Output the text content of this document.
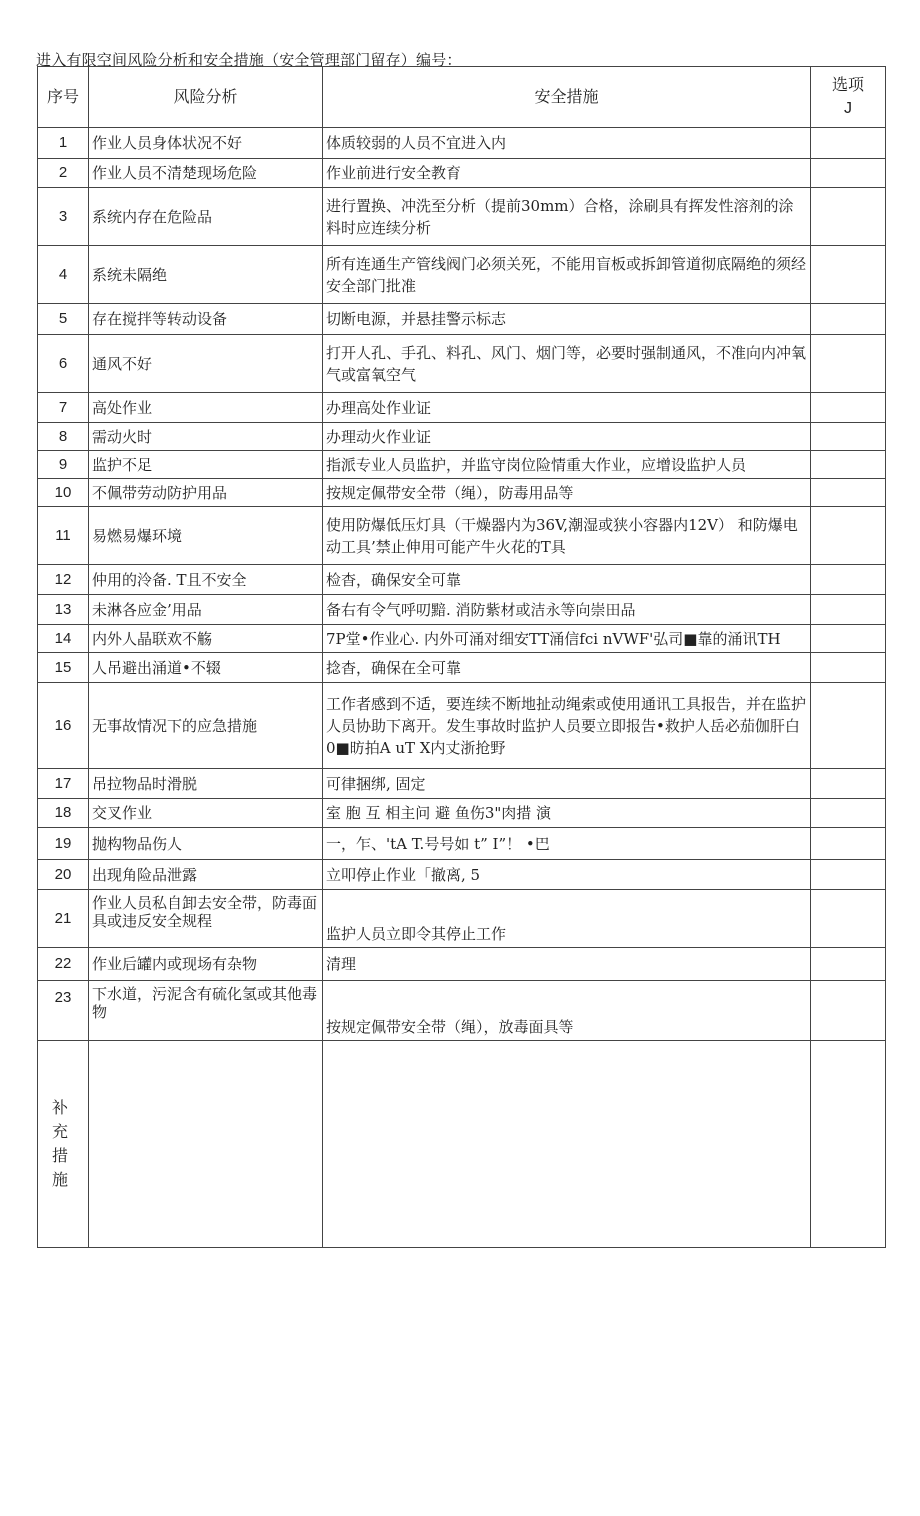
进入有限空间风险分析和安全措施（安全管理部门留存）编号：
序号	风险分析	安全措施	选项
J

1	作业人员身体状况不好	体质较弱的人员不宜进入内	
2	作业人员不清楚现场危险	作业前进行安全教育	
3	系统内存在危险品	进行置换、冲洗至分析（提前30mm）合格，涂刷具有挥发性溶剂的涂料时应连续分析	
4	系统未隔绝	所有连通生产管线阀门必须关死，不能用盲板或拆卸管道彻底隔绝的须经安全部门批准	
5	存在搅拌等转动设备	切断电源，并悬挂警示标志	
6	通风不好	打开人孔、手孔、料孔、风门、烟门等，必要时强制通风，不准向内冲氧气或富氧空气	
7	高处作业	办理高处作业证	
8	需动火时	办理动火作业证	
9	监护不足	指派专业人员监护，并监守岗位险情重大作业，应增设监护人员	
10	不佩带劳动防护用品	按规定佩带安全带（绳），防毒用品等	
11	易燃易爆环境	使用防爆低压灯具（干燥器内为36V,潮湿或狭小容器内12V） 和防爆电动工具’禁止伸用可能产牛火花的T具	
12	仲用的泠备. T且不安全	检杳，确保安全可靠	
13	未淋各应金’用品	备右有令气呼叨黯. 消防紫材或洁永等向崇田品	
14	内外人晶联欢不觞	7P堂•作业心. 内外可涌对细安TT涌信fci nVWF'弘司■靠的涌讯TH	
15	人吊避出涌道•不辍	捻杳，确保在全可靠	
16	无事故情况下的应急措施	工作者感到不适，要连续不断地扯动绳索或使用通讯工具报告，并在监护人员协助下离开。发生事故时监护人员要立即报告•救护人岳必茄伽肝白0■昉拍A uT X内丈浙抢野	
17	吊拉物品时滑脱	可律捆绑, 固定	
18	交叉作业	室 胞 互 相主问 避 鱼伤3"肉措 演	
19	抛构物品伤人	一，乍、'tA T.号号如 t” I”！ •巴	
20	出现角险品泄露	立叩停止作业「撤离, 5	
21	作业人员私自卸去安全带，防毒面具或违反安全规程	监护人员立即令其停止工作	
22	作业后罐内或现场有杂物	清理	
23	下水道，污泥含有硫化氢或其他毒物	按规定佩带安全带（绳），放毒面具等	

补 充
措 施			
